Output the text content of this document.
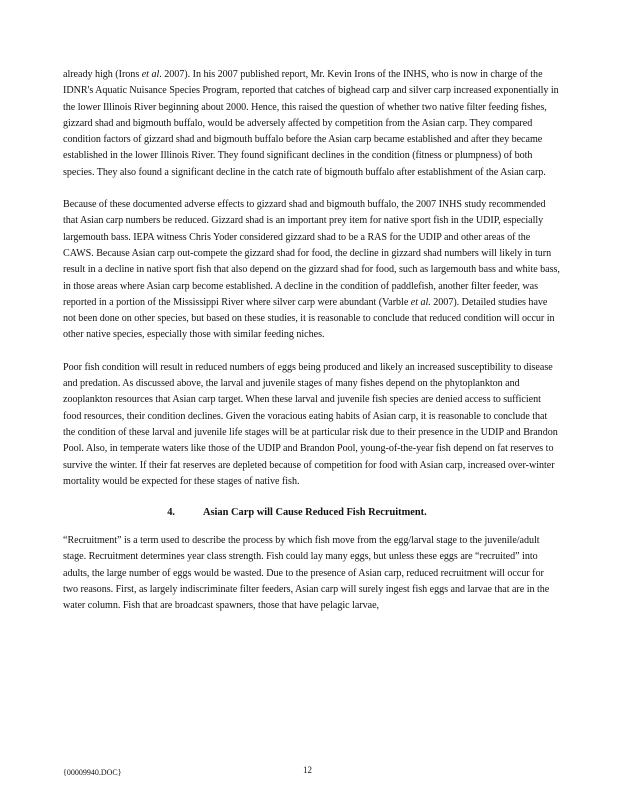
already high (Irons et al. 2007). In his 2007 published report, Mr. Kevin Irons of the INHS, who is now in charge of the IDNR's Aquatic Nuisance Species Program, reported that catches of bighead carp and silver carp increased exponentially in the lower Illinois River beginning about 2000. Hence, this raised the question of whether two native filter feeding fishes, gizzard shad and bigmouth buffalo, would be adversely affected by competition from the Asian carp. They compared condition factors of gizzard shad and bigmouth buffalo before the Asian carp became established and after they became established in the lower Illinois River. They found significant declines in the condition (fitness or plumpness) of both species. They also found a significant decline in the catch rate of bigmouth buffalo after establishment of the Asian carp.

Because of these documented adverse effects to gizzard shad and bigmouth buffalo, the 2007 INHS study recommended that Asian carp numbers be reduced. Gizzard shad is an important prey item for native sport fish in the UDIP, especially largemouth bass. IEPA witness Chris Yoder considered gizzard shad to be a RAS for the UDIP and other areas of the CAWS. Because Asian carp out-compete the gizzard shad for food, the decline in gizzard shad numbers will likely in turn result in a decline in native sport fish that also depend on the gizzard shad for food, such as largemouth bass and white bass, in those areas where Asian carp become established. A decline in the condition of paddlefish, another filter feeder, was reported in a portion of the Mississippi River where silver carp were abundant (Varble et al. 2007). Detailed studies have not been done on other species, but based on these studies, it is reasonable to conclude that reduced condition will occur in other native species, especially those with similar feeding niches.

Poor fish condition will result in reduced numbers of eggs being produced and likely an increased susceptibility to disease and predation. As discussed above, the larval and juvenile stages of many fishes depend on the phytoplankton and zooplankton resources that Asian carp target. When these larval and juvenile fish species are denied access to sufficient food resources, their condition declines. Given the voracious eating habits of Asian carp, it is reasonable to conclude that the condition of these larval and juvenile life stages will be at particular risk due to their presence in the UDIP and Brandon Pool. Also, in temperate waters like those of the UDIP and Brandon Pool, young-of-the-year fish depend on fat reserves to survive the winter. If their fat reserves are depleted because of competition for food with Asian carp, increased over-winter mortality would be expected for these stages of native fish.

4.	Asian Carp will Cause Reduced Fish Recruitment.

“Recruitment” is a term used to describe the process by which fish move from the egg/larval stage to the juvenile/adult stage. Recruitment determines year class strength. Fish could lay many eggs, but unless these eggs are “recruited” into adults, the large number of eggs would be wasted. Due to the presence of Asian carp, reduced recruitment will occur for two reasons. First, as largely indiscriminate filter feeders, Asian carp will surely ingest fish eggs and larvae that are in the water column. Fish that are broadcast spawners, those that have pelagic larvae,

{00009940.DOC}	12
